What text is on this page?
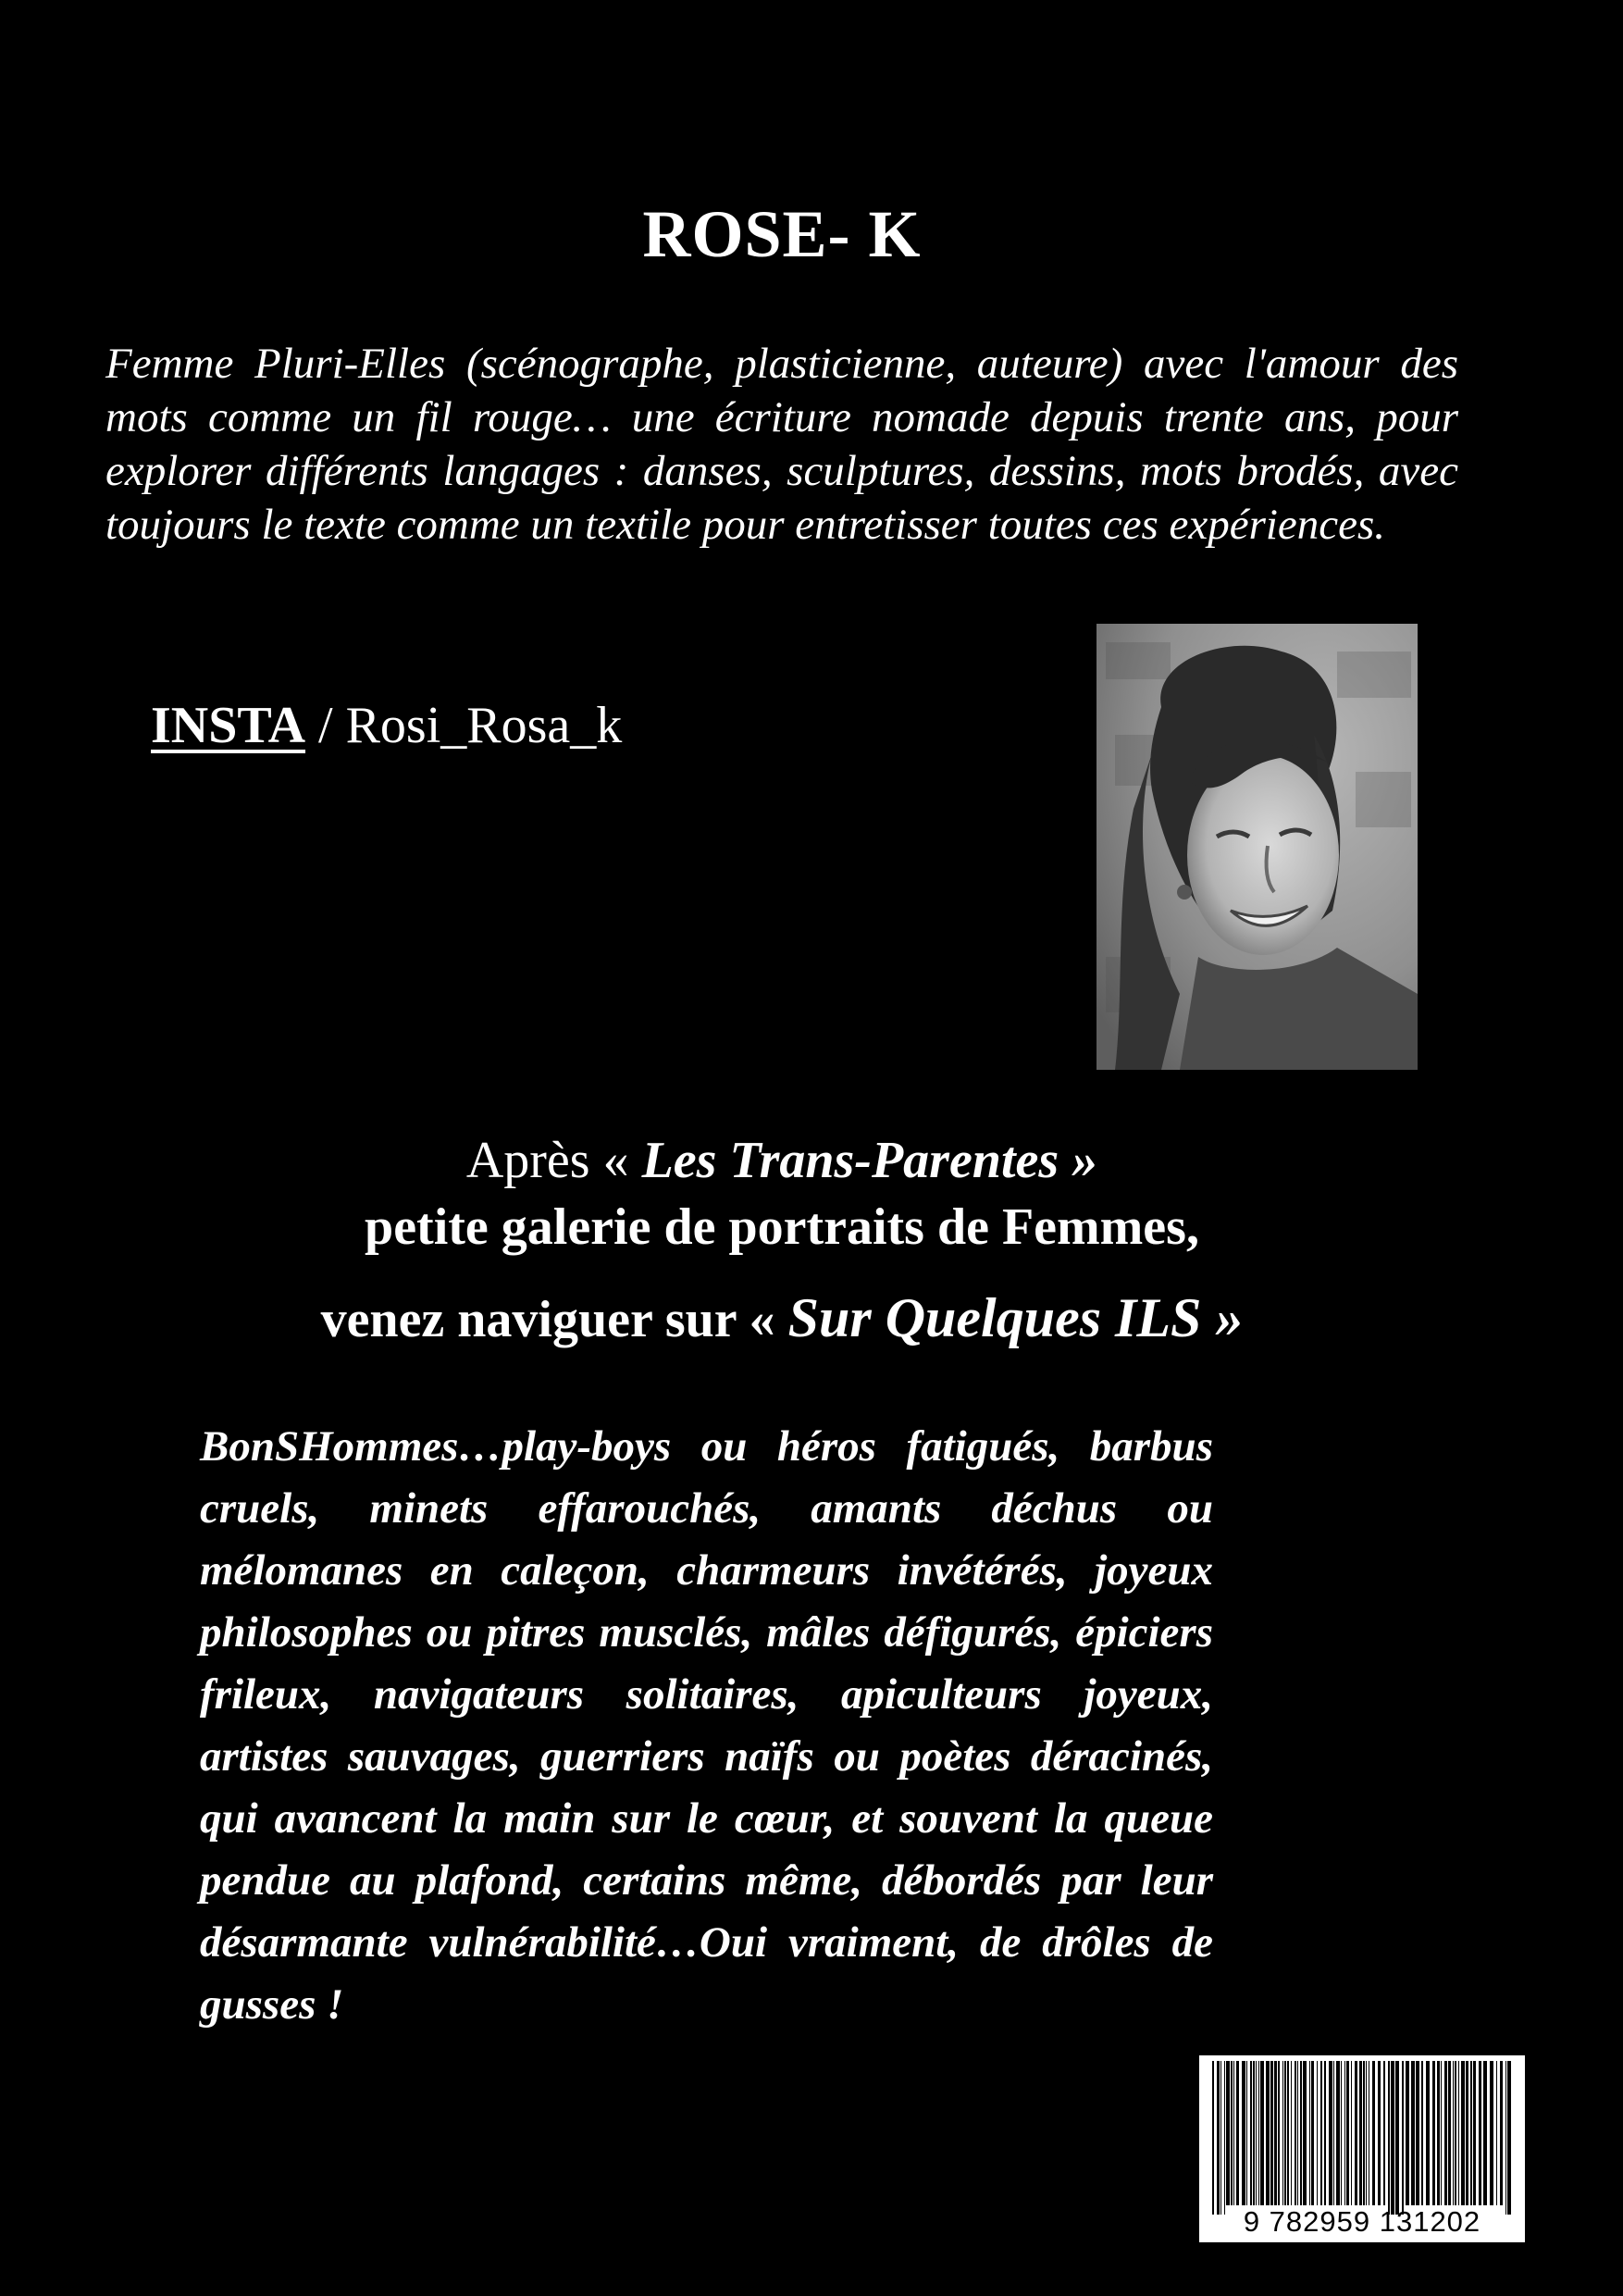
ROSE- K

Femme Pluri-Elles (scénographe, plasticienne, auteure) avec l'amour des mots comme un fil rouge… une écriture nomade depuis trente ans, pour explorer différents langages : danses, sculptures, dessins, mots brodés, avec toujours le texte comme un textile pour entretisser toutes ces expériences.

INSTA / Rosi_Rosa_k

Après « Les Trans-Parentes »
petite galerie de portraits de Femmes,
venez naviguer sur « Sur Quelques ILS »

BonSHommes…play-boys ou héros fatigués, barbus cruels, minets effarouchés, amants déchus ou mélomanes en caleçon, charmeurs invétérés, joyeux philosophes ou pitres musclés, mâles défigurés, épiciers frileux, navigateurs solitaires, apiculteurs joyeux, artistes sauvages, guerriers naïfs ou poètes déracinés, qui avancent la main sur le cœur, et souvent la queue pendue au plafond, certains même, débordés par leur désarmante vulnérabilité…Oui vraiment, de drôles de gusses !

9 782959 131202
